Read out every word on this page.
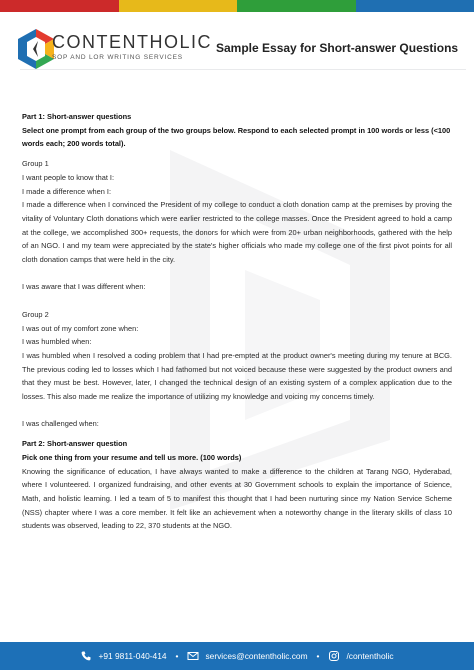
CONTENTHOLIC
SOP AND LOR WRITING SERVICES
Sample Essay for Short-answer Questions

Part 1: Short-answer questions

Select one prompt from each group of the two groups below. Respond to each selected prompt in 100 words or less (<100 words each; 200 words total).

Group 1

I want people to know that I:

I made a difference when I:

I made a difference when I convinced the President of my college to conduct a cloth donation camp at the premises by proving the vitality of Voluntary Cloth donations which were earlier restricted to the college masses. Once the President agreed to hold a camp at the college, we accomplished 300+ requests, the donors for which were from 20+ urban neighborhoods, gathered with the help of an NGO. I and my team were appreciated by the state's higher officials who made my college one of the first pivot points for all cloth donation camps that were held in the city.

I was aware that I was different when:

Group 2

I was out of my comfort zone when:

I was humbled when:

I was humbled when I resolved a coding problem that I had pre-empted at the product owner's meeting during my tenure at BCG. The previous coding led to losses which I had fathomed but not voiced because these were suggested by the product owners and that they must be best. However, later, I changed the technical design of an existing system of a complex application due to the losses. This also made me realize the importance of utilizing my knowledge and voicing my concerns timely.

I was challenged when:

Part 2: Short-answer question

Pick one thing from your resume and tell us more. (100 words)

Knowing the significance of education, I have always wanted to make a difference to the children at Tarang NGO, Hyderabad, where I volunteered. I organized fundraising, and other events at 30 Government schools to explain the importance of Science, Math, and holistic learning. I led a team of 5 to manifest this thought that I had been nurturing since my Nation Service Scheme (NSS) chapter where I was a core member. It felt like an achievement when a noteworthy change in the literary skills of class 10 students was observed, leading to 22, 370 students at the NGO.

+91 9811-040-414 •	services@contentholic.com •	/contentholic
